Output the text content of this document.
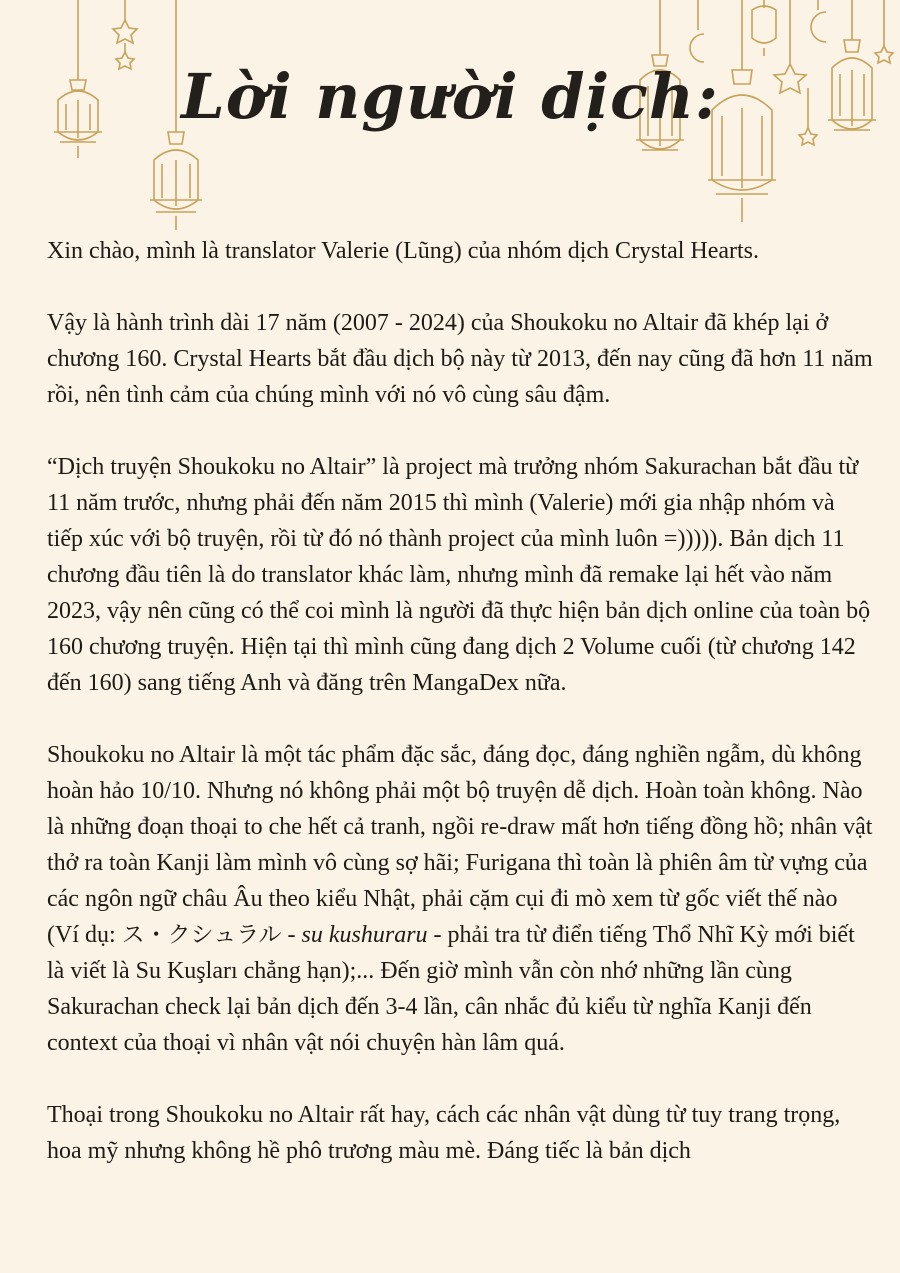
Lời người dịch:

Xin chào, mình là translator Valerie (Lũng) của nhóm dịch Crystal Hearts.

Vậy là hành trình dài 17 năm (2007 - 2024) của Shoukoku no Altair đã khép lại ở chương 160. Crystal Hearts bắt đầu dịch bộ này từ 2013, đến nay cũng đã hơn 11 năm rồi, nên tình cảm của chúng mình với nó vô cùng sâu đậm.

“Dịch truyện Shoukoku no Altair” là project mà trưởng nhóm Sakurachan bắt đầu từ 11 năm trước, nhưng phải đến năm 2015 thì mình (Valerie) mới gia nhập nhóm và tiếp xúc với bộ truyện, rồi từ đó nó thành project của mình luôn =))))). Bản dịch 11 chương đầu tiên là do translator khác làm, nhưng mình đã remake lại hết vào năm 2023, vậy nên cũng có thể coi mình là người đã thực hiện bản dịch online của toàn bộ 160 chương truyện. Hiện tại thì mình cũng đang dịch 2 Volume cuối (từ chương 142 đến 160) sang tiếng Anh và đăng trên MangaDex nữa.

Shoukoku no Altair là một tác phẩm đặc sắc, đáng đọc, đáng nghiền ngẫm, dù không hoàn hảo 10/10. Nhưng nó không phải một bộ truyện dễ dịch. Hoàn toàn không. Nào là những đoạn thoại to che hết cả tranh, ngồi re-draw mất hơn tiếng đồng hồ; nhân vật thở ra toàn Kanji làm mình vô cùng sợ hãi; Furigana thì toàn là phiên âm từ vựng của các ngôn ngữ châu Âu theo kiểu Nhật, phải cặm cụi đi mò xem từ gốc viết thế nào (Ví dụ: ス・クシュラル - su kushuraru - phải tra từ điển tiếng Thổ Nhĩ Kỳ mới biết là viết là Su Kuşları chẳng hạn);... Đến giờ mình vẫn còn nhớ những lần cùng Sakurachan check lại bản dịch đến 3-4 lần, cân nhắc đủ kiểu từ nghĩa Kanji đến context của thoại vì nhân vật nói chuyện hàn lâm quá.

Thoại trong Shoukoku no Altair rất hay, cách các nhân vật dùng từ tuy trang trọng, hoa mỹ nhưng không hề phô trương màu mè. Đáng tiếc là bản dịch
